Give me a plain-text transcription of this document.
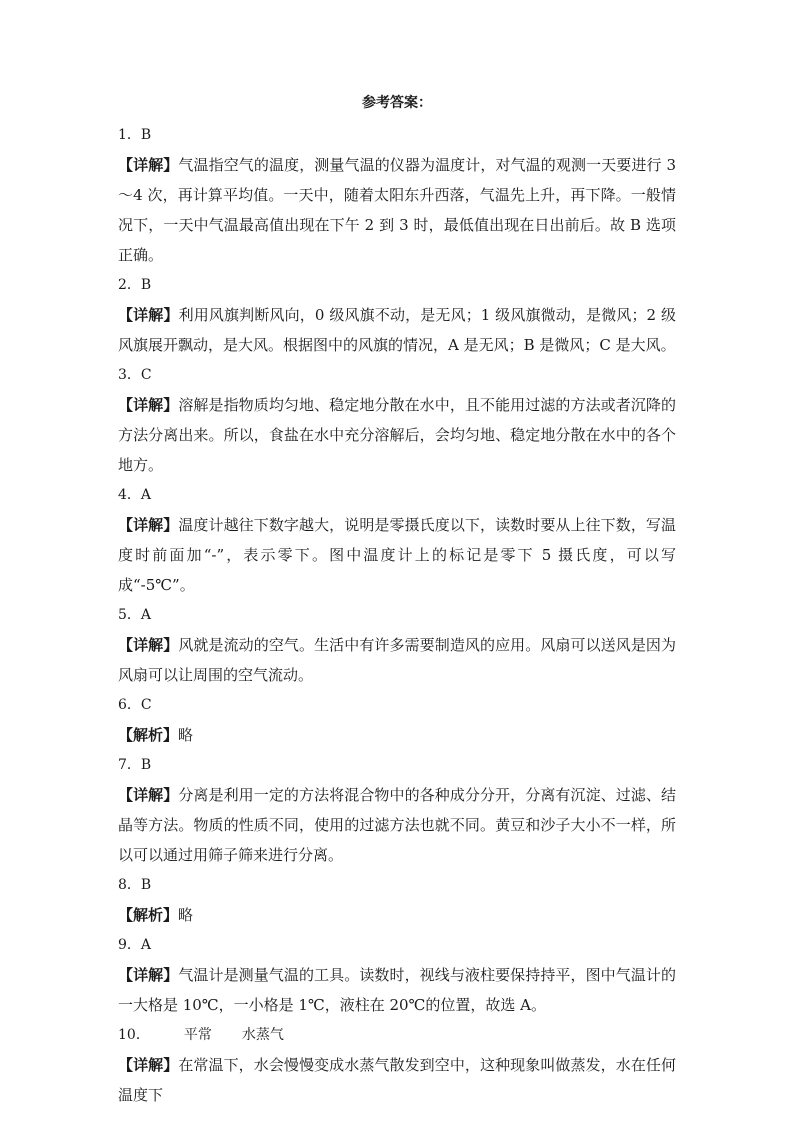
参考答案：
1．B

【详解】气温指空气的温度，测量气温的仪器为温度计，对气温的观测一天要进行 3～4 次，再计算平均值。一天中，随着太阳东升西落，气温先上升，再下降。一般情况下，一天中气温最高值出现在下午 2 到 3 时，最低值出现在日出前后。故 B 选项正确。

2．B

【详解】利用风旗判断风向，0 级风旗不动，是无风；1 级风旗微动，是微风；2 级风旗展开飘动，是大风。根据图中的风旗的情况，A 是无风；B 是微风；C 是大风。

3．C

【详解】溶解是指物质均匀地、稳定地分散在水中，且不能用过滤的方法或者沉降的方法分离出来。所以，食盐在水中充分溶解后，会均匀地、稳定地分散在水中的各个地方。

4．A

【详解】温度计越往下数字越大，说明是零摄氏度以下，读数时要从上往下数，写温度时前面加“-”，表示零下。图中温度计上的标记是零下 5 摄氏度，可以写成“-5℃”。

5．A

【详解】风就是流动的空气。生活中有许多需要制造风的应用。风扇可以送风是因为风扇可以让周围的空气流动。

6．C

【解析】略

7．B

【详解】分离是利用一定的方法将混合物中的各种成分分开，分离有沉淀、过滤、结晶等方法。物质的性质不同，使用的过滤方法也就不同。黄豆和沙子大小不一样，所以可以通过用筛子筛来进行分离。

8．B

【解析】略

9．A

【详解】气温计是测量气温的工具。读数时，视线与液柱要保持持平，图中气温计的一大格是 10℃，一小格是 1℃，液柱在 20℃的位置，故选 A。

10． 平常 水蒸气

【详解】在常温下，水会慢慢变成水蒸气散发到空中，这种现象叫做蒸发，水在任何温度下
